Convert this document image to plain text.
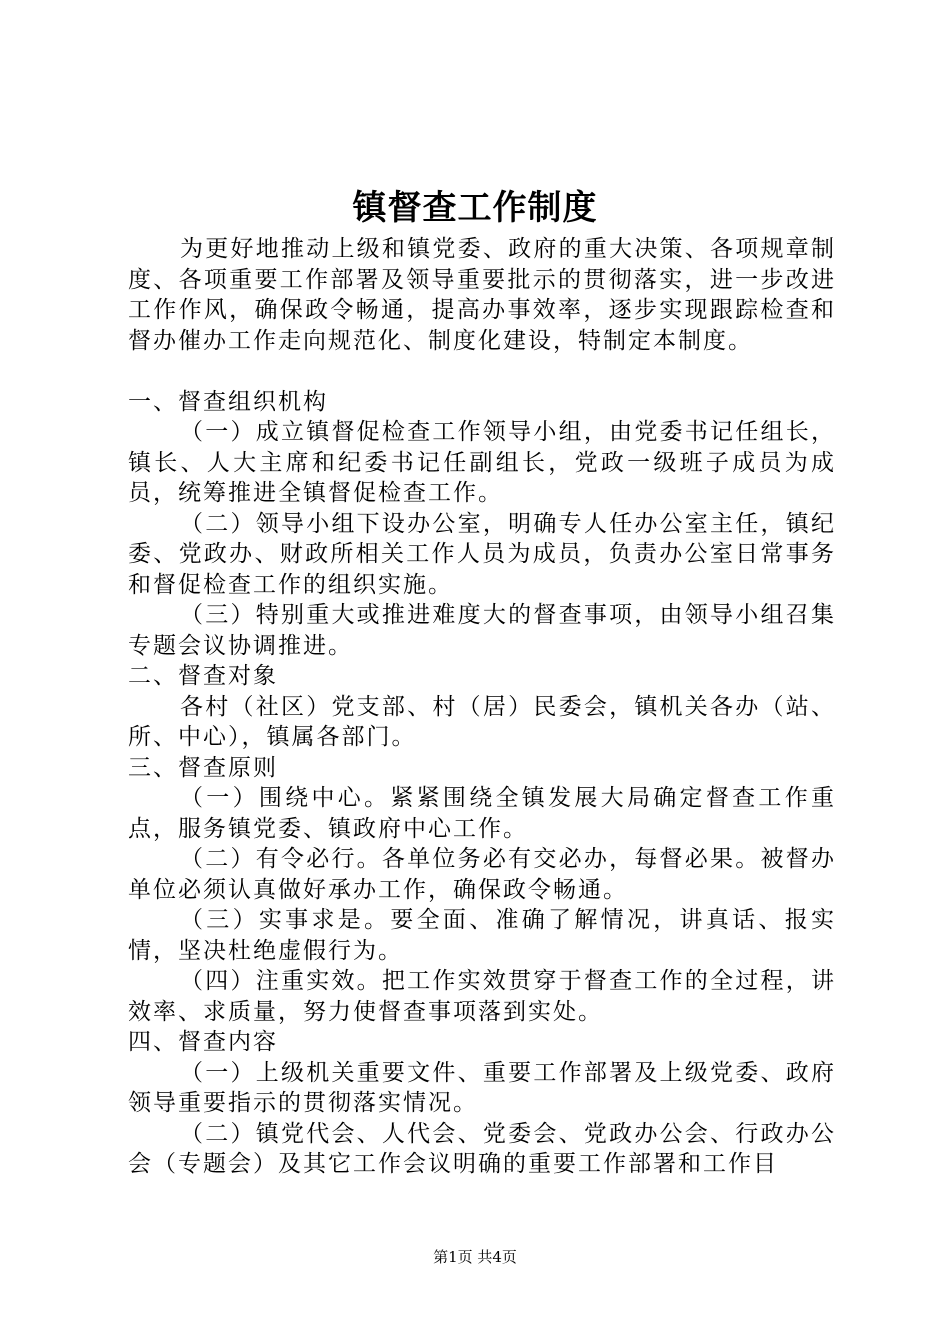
镇督查工作制度

为更好地推动上级和镇党委、政府的重大决策、各项规章制度、各项重要工作部署及领导重要批示的贯彻落实，进一步改进工作作风，确保政令畅通，提高办事效率，逐步实现跟踪检查和督办催办工作走向规范化、制度化建设，特制定本制度。

一、督查组织机构

（一）成立镇督促检查工作领导小组，由党委书记任组长，镇长、人大主席和纪委书记任副组长，党政一级班子成员为成员，统筹推进全镇督促检查工作。

（二）领导小组下设办公室，明确专人任办公室主任，镇纪委、党政办、财政所相关工作人员为成员，负责办公室日常事务和督促检查工作的组织实施。

（三）特别重大或推进难度大的督查事项，由领导小组召集专题会议协调推进。

二、督查对象

各村（社区）党支部、村（居）民委会，镇机关各办（站、所、中心），镇属各部门。

三、督查原则

（一）围绕中心。紧紧围绕全镇发展大局确定督查工作重点，服务镇党委、镇政府中心工作。

（二）有令必行。各单位务必有交必办，每督必果。被督办单位必须认真做好承办工作，确保政令畅通。

（三）实事求是。要全面、准确了解情况，讲真话、报实情，坚决杜绝虚假行为。

（四）注重实效。把工作实效贯穿于督查工作的全过程，讲效率、求质量，努力使督查事项落到实处。

四、督查内容

（一）上级机关重要文件、重要工作部署及上级党委、政府领导重要指示的贯彻落实情况。

（二）镇党代会、人代会、党委会、党政办公会、行政办公会（专题会）及其它工作会议明确的重要工作部署和工作目

第1页 共4页
